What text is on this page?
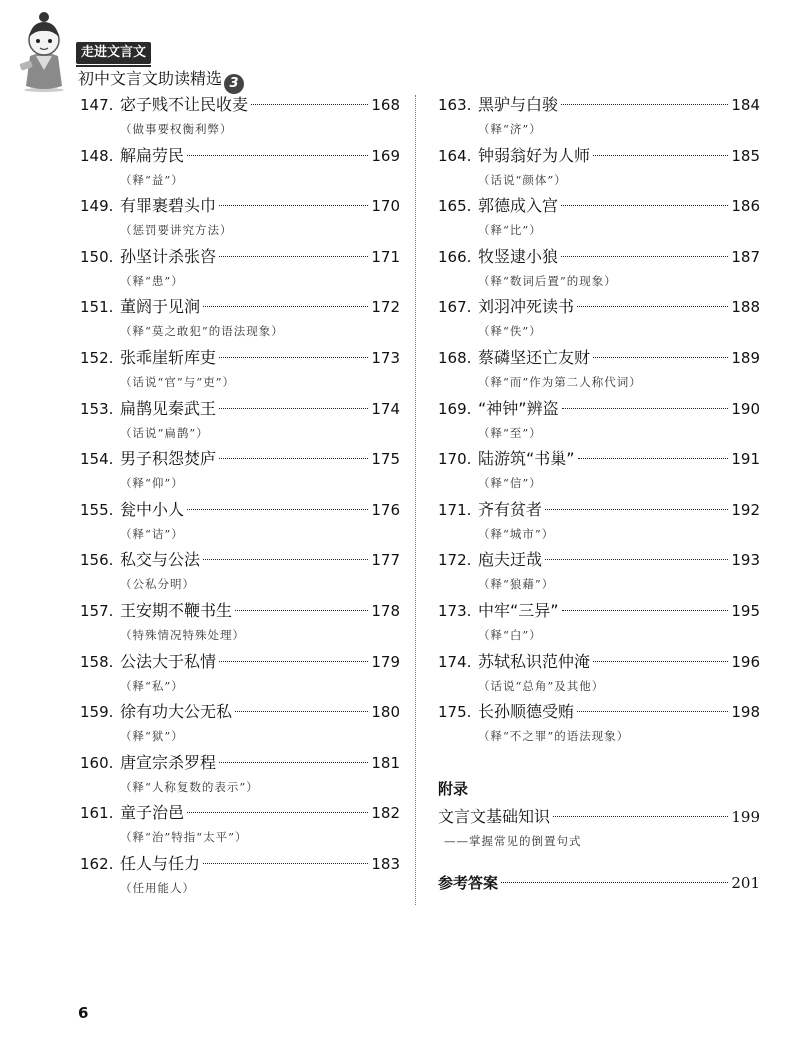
走进文言文
初中文言文助读精选 3
147. 宓子贱不让民收麦	168
（做事要权衡利弊）
148. 解扁劳民	169
（释“益”）
149. 有罪裹碧头巾	170
（惩罚要讲究方法）
150. 孙坚计杀张咨	171
（释“患”）
151. 董阏于见涧	172
（释“莫之敢犯”的语法现象）
152. 张乖崖斩库吏	173
（话说“官”与“吏”）
153. 扁鹊见秦武王	174
（话说“扁鹊”）
154. 男子积怨焚庐	175
（释“仰”）
155. 瓮中小人	176
（释“诘”）
156. 私交与公法	177
（公私分明）
157. 王安期不鞭书生	178
（特殊情况特殊处理）
158. 公法大于私情	179
（释“私”）
159. 徐有功大公无私	180
（释“狱”）
160. 唐宣宗杀罗程	181
（释“人称复数的表示”）
161. 童子治邑	182
（释“治”特指“太平”）
162. 任人与任力	183
（任用能人）
163. 黑驴与白骏	184
（释“济”）
164. 钟弱翁好为人师	185
（话说“颜体”）
165. 郭德成入宫	186
（释“比”）
166. 牧竖逮小狼	187
（释“数词后置”的现象）
167. 刘羽冲死读书	188
（释“佚”）
168. 蔡磷坚还亡友财	189
（释“而”作为第二人称代词）
169. “神钟”辨盗	190
（释“至”）
170. 陆游筑“书巢”	191
（释“信”）
171. 齐有贫者	192
（释“城市”）
172. 庖夫迂哉	193
（释“狼藉”）
173. 中牢“三异”	195
（释“白”）
174. 苏轼私识范仲淹	196
（话说“总角”及其他）
175. 长孙顺德受贿	198
（释“不之罪”的语法现象）
附录
文言文基础知识	199
——掌握常见的倒置句式
参考答案	201
6
